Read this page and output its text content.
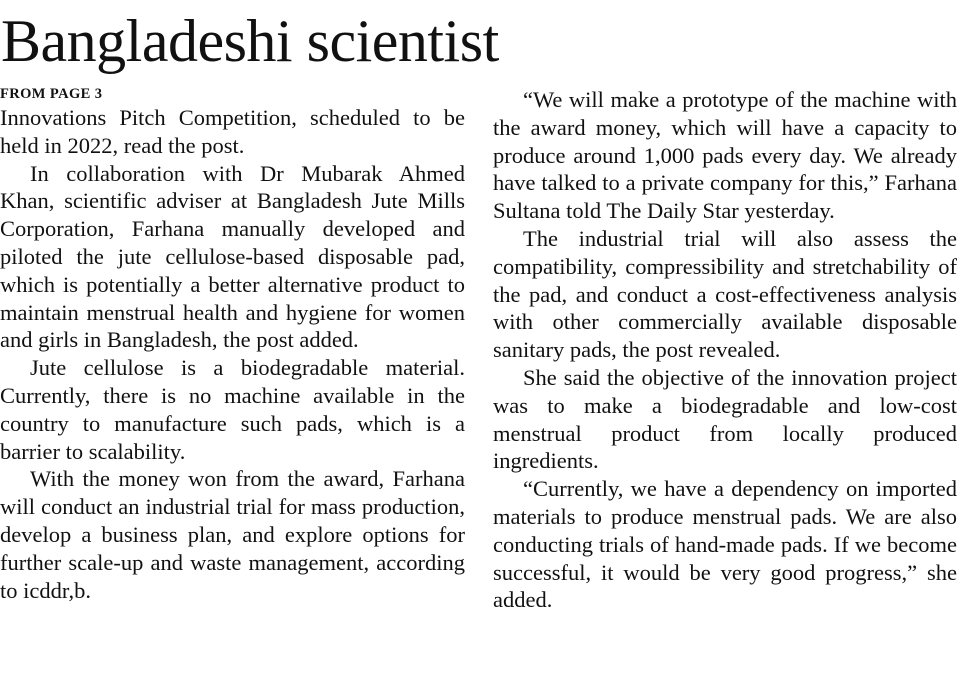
Bangladeshi scientist
FROM PAGE 3

Innovations Pitch Competition, scheduled to be held in 2022, read the post.

In collaboration with Dr Mubarak Ahmed Khan, scientific adviser at Bangladesh Jute Mills Corporation, Farhana manually developed and piloted the jute cellulose-based disposable pad, which is potentially a better alternative product to maintain menstrual health and hygiene for women and girls in Bangladesh, the post added.

Jute cellulose is a biodegradable material. Currently, there is no machine available in the country to manufacture such pads, which is a barrier to scalability.

With the money won from the award, Farhana will conduct an industrial trial for mass production, develop a business plan, and explore options for further scale-up and waste management, according to icddr,b.

“We will make a prototype of the machine with the award money, which will have a capacity to produce around 1,000 pads every day. We already have talked to a private company for this,” Farhana Sultana told The Daily Star yesterday.

The industrial trial will also assess the compatibility, compressibility and stretchability of the pad, and conduct a cost-effectiveness analysis with other commercially available disposable sanitary pads, the post revealed.

She said the objective of the innovation project was to make a biodegradable and low-cost menstrual product from locally produced ingredients.

“Currently, we have a dependency on imported materials to produce menstrual pads. We are also conducting trials of hand-made pads. If we become successful, it would be very good progress,” she added.
